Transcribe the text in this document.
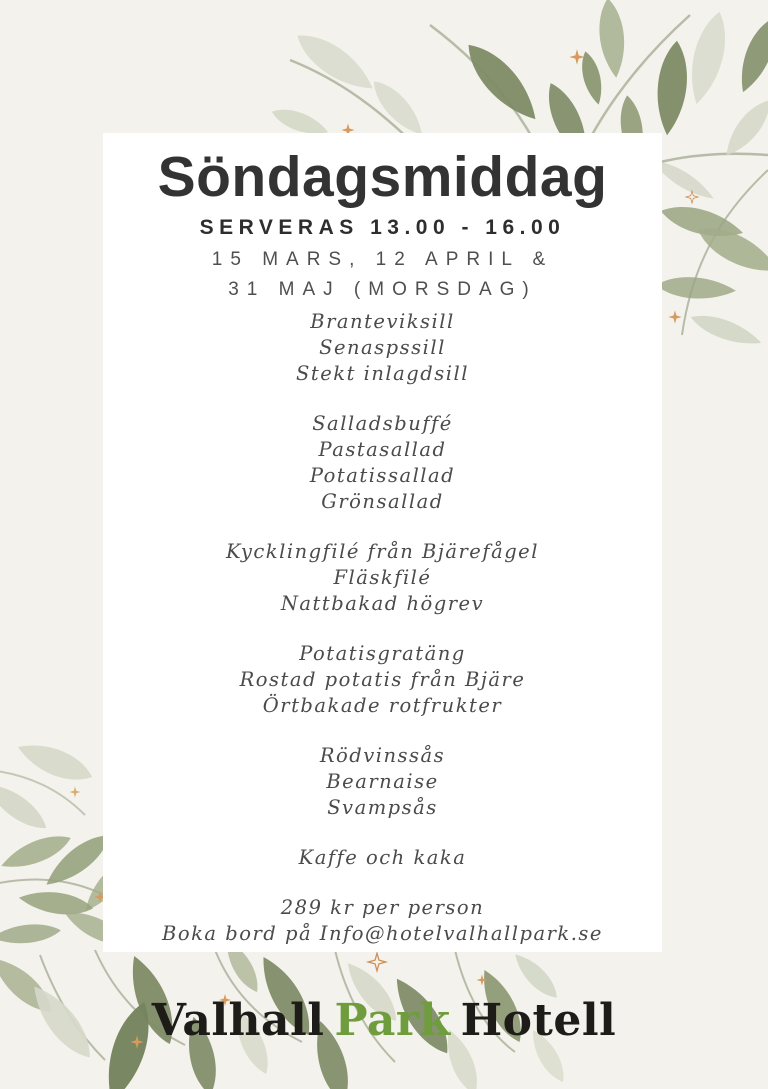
Söndagsmiddag
SERVERAS 13.00 - 16.00
15 MARS, 12 APRIL &
31 MAJ (MORSDAG)
Branteviksill
Senaspssill
Stekt inlagdsill
Salladsbuffé
Pastasallad
Potatissallad
Grönsallad
Kycklingfilé från Bjärefågel
Fläskfilé
Nattbakad högrev
Potatisgratäng
Rostad potatis från Bjäre
Örtbakade rotfrukter
Rödvinssås
Bearnaise
Svampsås
Kaffe och kaka
289 kr per person
Boka bord på Info@hotelvalhallpark.se
Valhall Park Hotell
